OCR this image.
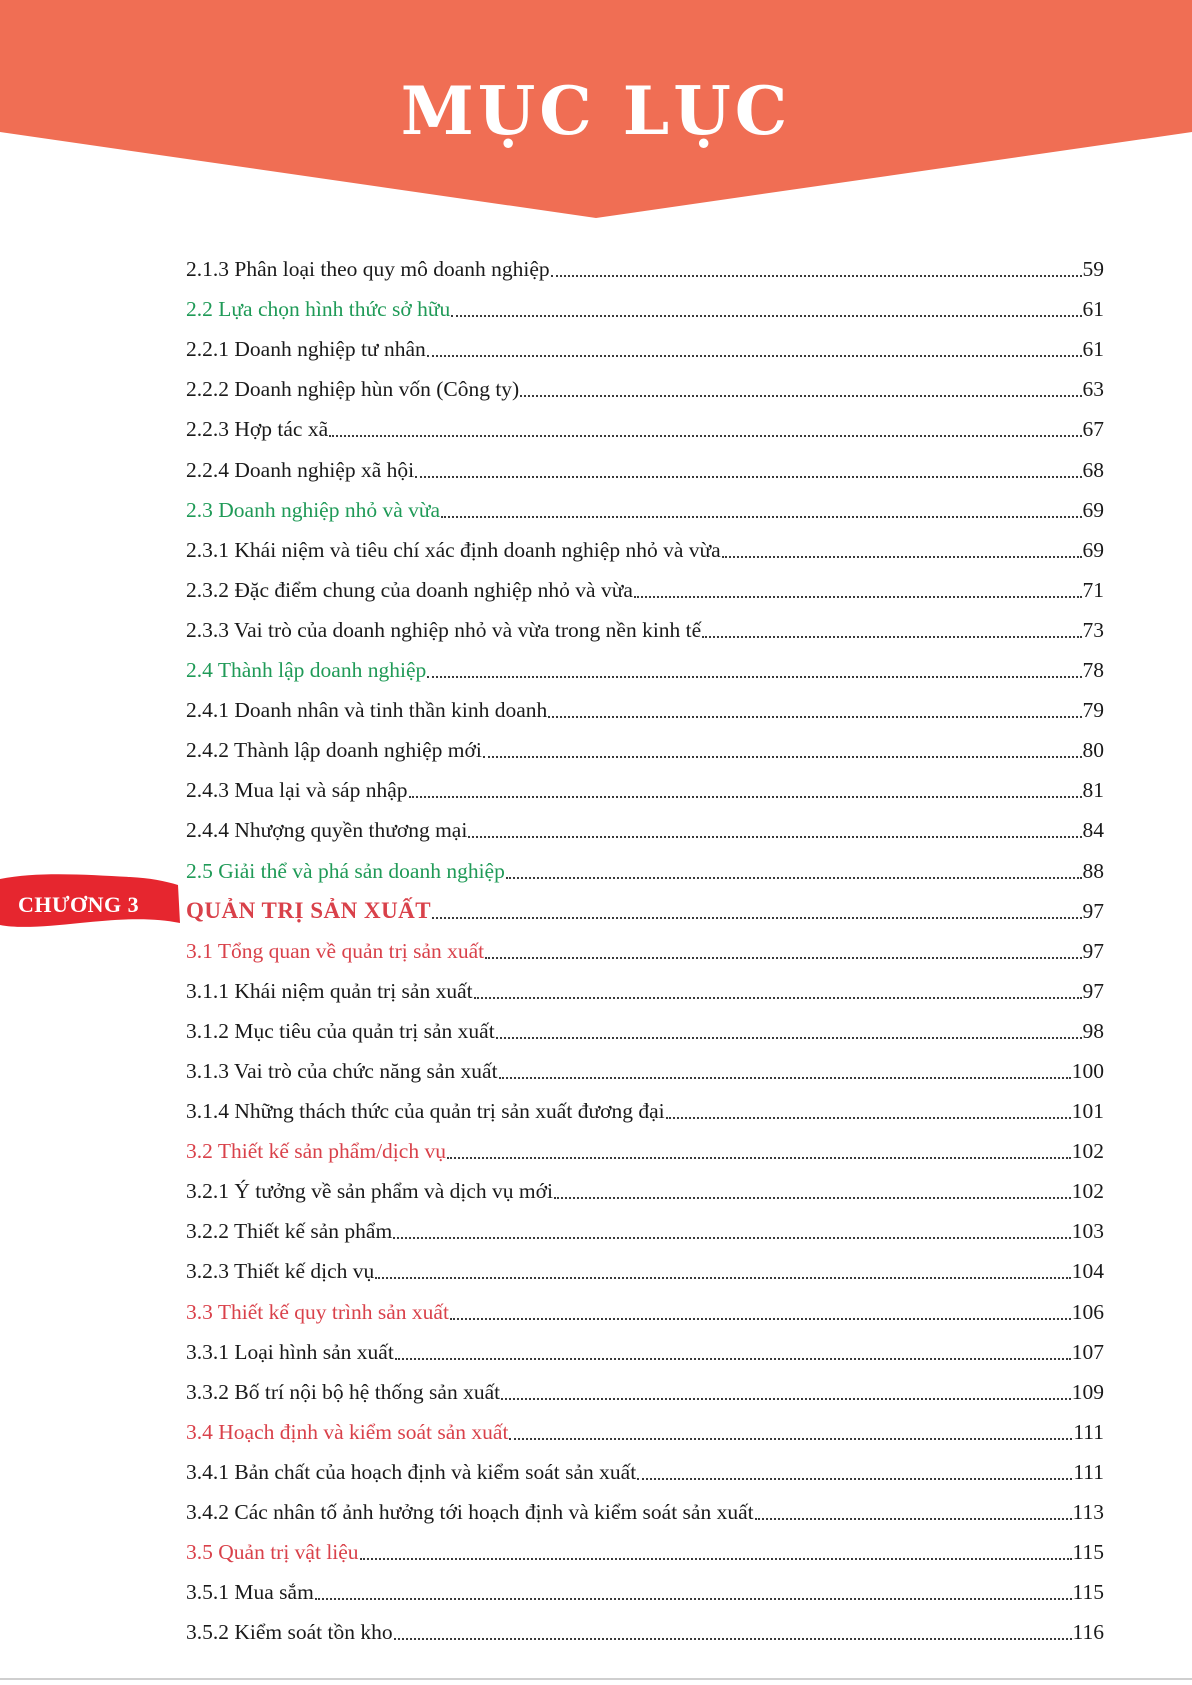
MỤC LỤC
CHƯƠNG 3
2.1.3 Phân loại theo quy mô doanh nghiệp	59
2.2 Lựa chọn hình thức sở hữu	61
2.2.1 Doanh nghiệp tư nhân	61
2.2.2 Doanh nghiệp hùn vốn (Công ty)	63
2.2.3 Hợp tác xã	67
2.2.4 Doanh nghiệp xã hội	68
2.3 Doanh nghiệp nhỏ và vừa	69
2.3.1 Khái niệm và tiêu chí xác định doanh nghiệp nhỏ và vừa	69
2.3.2 Đặc điểm chung của doanh nghiệp nhỏ và vừa	71
2.3.3 Vai trò của doanh nghiệp nhỏ và vừa trong nền kinh tế	73
2.4 Thành lập doanh nghiệp	78
2.4.1 Doanh nhân và tinh thần kinh doanh	79
2.4.2 Thành lập doanh nghiệp mới	80
2.4.3 Mua lại và sáp nhập	81
2.4.4 Nhượng quyền thương mại	84
2.5 Giải thể và phá sản doanh nghiệp	88
QUẢN TRỊ SẢN XUẤT	97
3.1 Tổng quan về quản trị sản xuất	97
3.1.1 Khái niệm quản trị sản xuất	97
3.1.2 Mục tiêu của quản trị sản xuất	98
3.1.3 Vai trò của chức năng sản xuất	100
3.1.4 Những thách thức của quản trị sản xuất đương đại	101
3.2 Thiết kế sản phẩm/dịch vụ	102
3.2.1 Ý tưởng về sản phẩm và dịch vụ mới	102
3.2.2 Thiết kế sản phẩm	103
3.2.3 Thiết kế dịch vụ	104
3.3 Thiết kế quy trình sản xuất	106
3.3.1 Loại hình sản xuất	107
3.3.2 Bố trí nội bộ hệ thống sản xuất	109
3.4 Hoạch định và kiểm soát sản xuất	111
3.4.1 Bản chất của hoạch định và kiểm soát sản xuất	111
3.4.2 Các nhân tố ảnh hưởng tới hoạch định và kiểm soát sản xuất	113
3.5 Quản trị vật liệu	115
3.5.1 Mua sắm	115
3.5.2 Kiểm soát tồn kho	116
